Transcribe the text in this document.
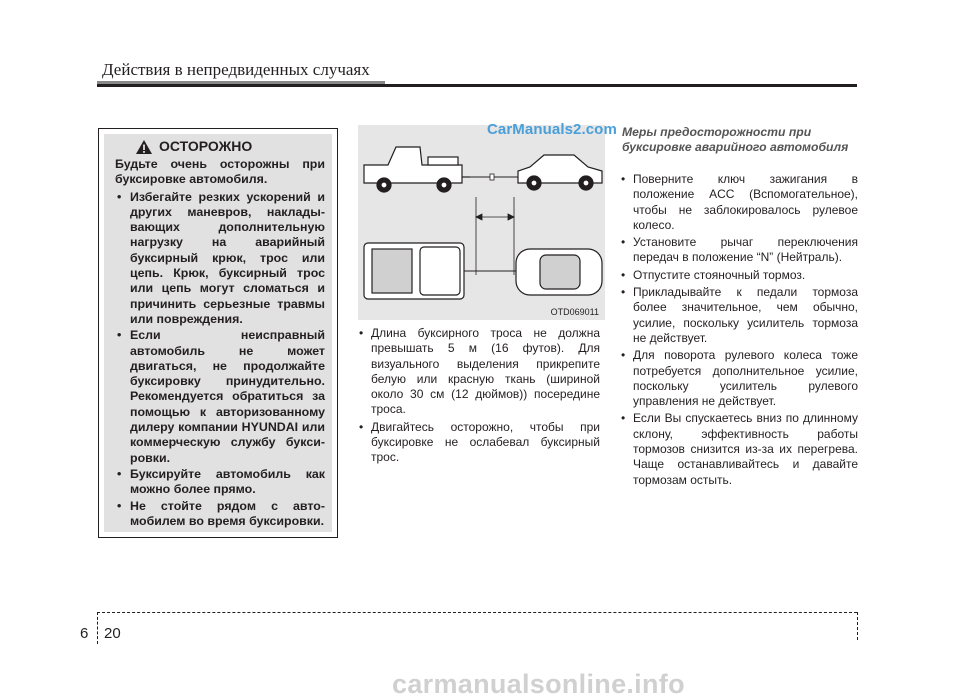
Действия в непредвиденных случаях
ОСТОРОЖНО
Будьте очень осторожны при буксировке автомобиля.
• Избегайте резких ускорений и других маневров, накладывающих дополнительную нагрузку на аварийный буксирный крюк, трос или цепь. Крюк, буксирный трос или цепь могут сломаться и причинить серьезные травмы или повреждения.
• Если неисправный автомобиль не может двигаться, не продолжайте буксировку принудительно. Рекомендуется обратиться за помощью к авторизованному дилеру компании HYUNDAI или коммерческую службу буксировки.
• Буксируйте автомобиль как можно более прямо.
• Не стойте рядом с автомобилем во время буксировки.
OTD069011
CarManuals2.com
• Длина буксирного троса не должна превышать 5 м (16 футов). Для визуального выделения прикрепите белую или красную ткань (шириной около 30 см (12 дюймов)) посередине троса.
• Двигайтесь осторожно, чтобы при буксировке не ослабевал буксирный трос.
Меры предосторожности при буксировке аварийного автомобиля
• Поверните ключ зажигания в положение ACC (Вспомогательное), чтобы не заблокировалось рулевое колесо.
• Установите рычаг переключения передач в положение “N” (Нейтраль).
• Отпустите стояночный тормоз.
• Прикладывайте к педали тормоза более значительное, чем обычно, усилие, поскольку усилитель тормоза не действует.
• Для поворота рулевого колеса тоже потребуется дополнительное усилие, поскольку усилитель рулевого управления не действует.
• Если Вы спускаетесь вниз по длинному склону, эффективность работы тормозов снизится из-за их перегрева. Чаще останавливайтесь и давайте тормозам остыть.
6 20
carmanualsonline.info
